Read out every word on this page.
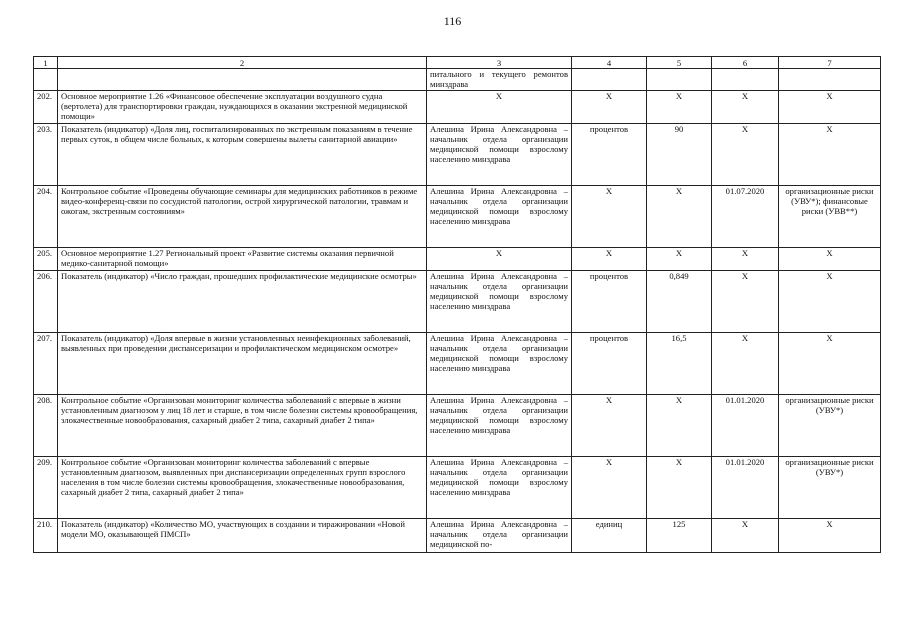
116
1	2	3	4	5	6	7
		питального и текущего ремонтов минздрава				
202.	Основное мероприятие 1.26 «Финансовое обеспечение эксплуатации воздушного судна (вертолета) для транспортировки граждан, нуждающихся в оказании экстренной медицинской помощи»	X	X	X	X	X
203.	Показатель (индикатор) «Доля лиц, госпитализированных по экстренным показаниям в течение первых суток, в общем числе больных, к которым совершены вылеты санитарной авиации»	Алешина Ирина Александровна – начальник отдела организации медицинской помощи взрослому населению минздрава	процентов	90	X	X
204.	Контрольное событие «Проведены обучающие семинары для медицинских работников в режиме видео-конференц-связи по сосудистой патологии, острой хирургической патологии, травмам и ожогам, экстренным состояниям»	Алешина Ирина Александровна – начальник отдела организации медицинской помощи взрослому населению минздрава	X	X	01.07.2020	организационные риски (УВУ*); финансовые риски (УВВ**)
205.	Основное мероприятие 1.27 Региональный проект «Развитие системы оказания первичной медико-санитарной помощи»	X	X	X	X	X
206.	Показатель (индикатор) «Число граждан, прошедших профилактические медицинские осмотры»	Алешина Ирина Александровна – начальник отдела организации медицинской помощи взрослому населению минздрава	процентов	0,849	X	X
207.	Показатель (индикатор) «Доля впервые в жизни установленных неинфекционных заболеваний, выявленных при проведении диспансеризации и профилактическом медицинском осмотре»	Алешина Ирина Александровна – начальник отдела организации медицинской помощи взрослому населению минздрава	процентов	16,5	X	X
208.	Контрольное событие «Организован мониторинг количества заболеваний с впервые в жизни установленным диагнозом у лиц 18 лет и старше, в том числе болезни системы кровообращения, злокачественные новообразования, сахарный диабет 2 типа, сахарный диабет 2 типа»	Алешина Ирина Александровна – начальник отдела организации медицинской помощи взрослому населению минздрава	X	X	01.01.2020	организационные риски (УВУ*)
209.	Контрольное событие «Организован мониторинг количества заболеваний с впервые установленным диагнозом, выявленных при диспансеризации определенных групп взрослого населения в том числе болезни системы кровообращения, злокачественные новообразования, сахарный диабет 2 типа, сахарный диабет 2 типа»	Алешина Ирина Александровна – начальник отдела организации медицинской помощи взрослому населению минздрава	X	X	01.01.2020	организационные риски (УВУ*)
210.	Показатель (индикатор) «Количество МО, участвующих в создании и тиражировании «Новой модели МО, оказывающей ПМСП»	Алешина Ирина Александровна – начальник отдела организации медицинской по-	единиц	125	X	X
